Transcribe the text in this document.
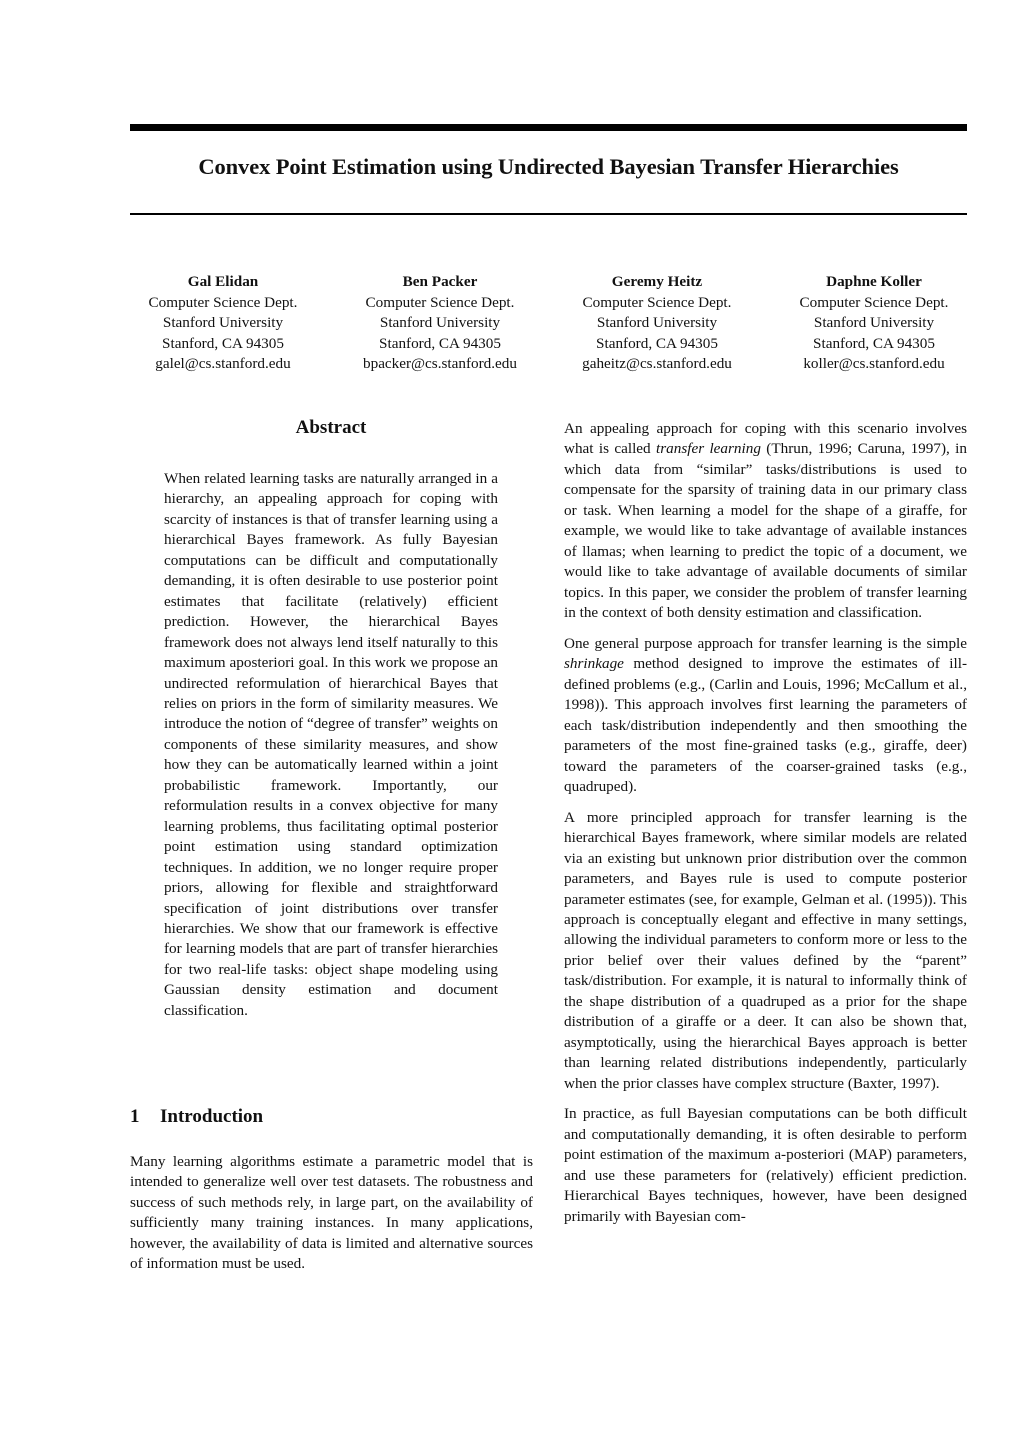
Convex Point Estimation using Undirected Bayesian Transfer Hierarchies
Gal Elidan
Computer Science Dept.
Stanford University
Stanford, CA 94305
galel@cs.stanford.edu
Ben Packer
Computer Science Dept.
Stanford University
Stanford, CA 94305
bpacker@cs.stanford.edu
Geremy Heitz
Computer Science Dept.
Stanford University
Stanford, CA 94305
gaheitz@cs.stanford.edu
Daphne Koller
Computer Science Dept.
Stanford University
Stanford, CA 94305
koller@cs.stanford.edu
Abstract

When related learning tasks are naturally arranged in a hierarchy, an appealing approach for coping with scarcity of instances is that of transfer learning using a hierarchical Bayes framework. As fully Bayesian computations can be difficult and computationally demanding, it is often desirable to use posterior point estimates that facilitate (relatively) efficient prediction. However, the hierarchical Bayes framework does not always lend itself naturally to this maximum aposteriori goal. In this work we propose an undirected reformulation of hierarchical Bayes that relies on priors in the form of similarity measures. We introduce the notion of “degree of transfer” weights on components of these similarity measures, and show how they can be automatically learned within a joint probabilistic framework. Importantly, our reformulation results in a convex objective for many learning problems, thus facilitating optimal posterior point estimation using standard optimization techniques. In addition, we no longer require proper priors, allowing for flexible and straightforward specification of joint distributions over transfer hierarchies. We show that our framework is effective for learning models that are part of transfer hierarchies for two real-life tasks: object shape modeling using Gaussian density estimation and document classification.

1 Introduction

Many learning algorithms estimate a parametric model that is intended to generalize well over test datasets. The robustness and success of such methods rely, in large part, on the availability of sufficiently many training instances. In many applications, however, the availability of data is limited and alternative sources of information must be used.

An appealing approach for coping with this scenario involves what is called transfer learning (Thrun, 1996; Caruna, 1997), in which data from “similar” tasks/distributions is used to compensate for the sparsity of training data in our primary class or task. When learning a model for the shape of a giraffe, for example, we would like to take advantage of available instances of llamas; when learning to predict the topic of a document, we would like to take advantage of available documents of similar topics. In this paper, we consider the problem of transfer learning in the context of both density estimation and classification.

One general purpose approach for transfer learning is the simple shrinkage method designed to improve the estimates of ill-defined problems (e.g., (Carlin and Louis, 1996; McCallum et al., 1998)). This approach involves first learning the parameters of each task/distribution independently and then smoothing the parameters of the most fine-grained tasks (e.g., giraffe, deer) toward the parameters of the coarser-grained tasks (e.g., quadruped).

A more principled approach for transfer learning is the hierarchical Bayes framework, where similar models are related via an existing but unknown prior distribution over the common parameters, and Bayes rule is used to compute posterior parameter estimates (see, for example, Gelman et al. (1995)). This approach is conceptually elegant and effective in many settings, allowing the individual parameters to conform more or less to the prior belief over their values defined by the “parent” task/distribution. For example, it is natural to informally think of the shape distribution of a quadruped as a prior for the shape distribution of a giraffe or a deer. It can also be shown that, asymptotically, using the hierarchical Bayes approach is better than learning related distributions independently, particularly when the prior classes have complex structure (Baxter, 1997).

In practice, as full Bayesian computations can be both difficult and computationally demanding, it is often desirable to perform point estimation of the maximum a-posteriori (MAP) parameters, and use these parameters for (relatively) efficient prediction. Hierarchical Bayes techniques, however, have been designed primarily with Bayesian com-
